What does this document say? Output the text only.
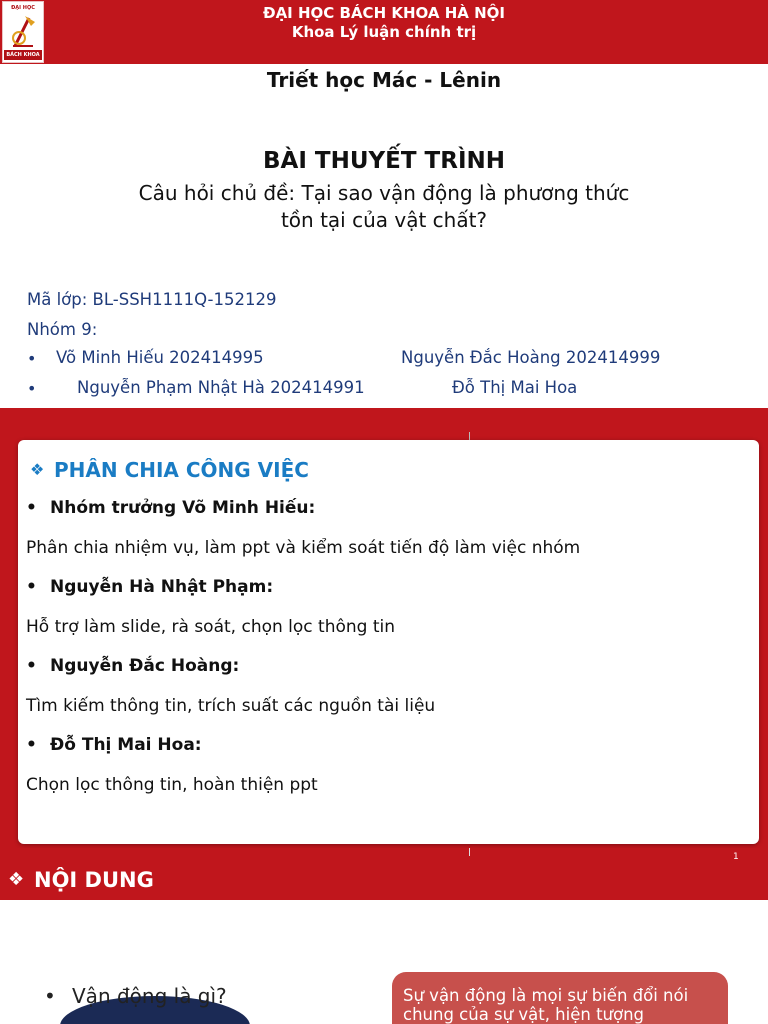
ĐẠI HỌC
BÁCH KHOA
ĐẠI HỌC BÁCH KHOA HÀ NỘI
Khoa Lý luận chính trị
Triết học Mác - Lênin
BÀI THUYẾT TRÌNH
Câu hỏi chủ đề: Tại sao vận động là phương thức tồn tại của vật chất?
Mã lớp: BL-SSH1111Q-152129
Nhóm 9:
• Võ Minh Hiếu 202414995	Nguyễn Đắc Hoàng 202414999
• Nguyễn Phạm Nhật Hà 202414991	Đỗ Thị Mai Hoa
❖ PHÂN CHIA CÔNG VIỆC
• Nhóm trưởng Võ Minh Hiếu:
Phân chia nhiệm vụ, làm ppt và kiểm soát tiến độ làm việc nhóm
• Nguyễn Hà Nhật Phạm:
Hỗ trợ làm slide, rà soát, chọn lọc thông tin
• Nguyễn Đắc Hoàng:
Tìm kiếm thông tin, trích suất các nguồn tài liệu
• Đỗ Thị Mai Hoa:
Chọn lọc thông tin, hoàn thiện ppt
1
❖ NỘI DUNG
• Vận động là gì?	Sự vận động là mọi sự biến đổi nói chung của sự vật, hiện tượng
